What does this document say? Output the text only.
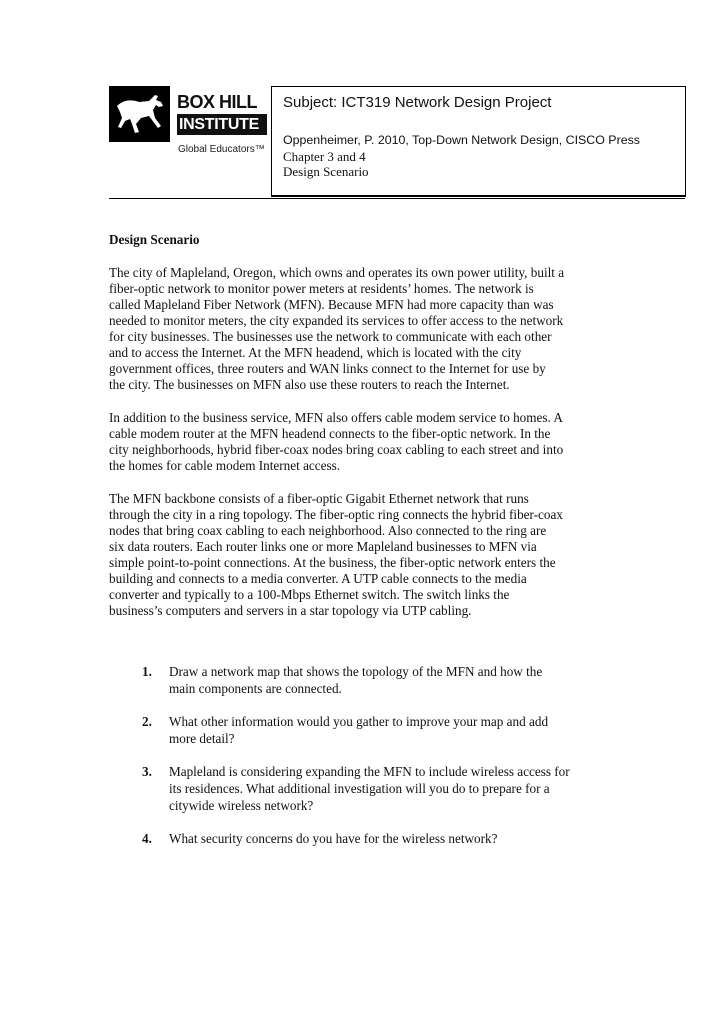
BOX HILL
INSTITUTE
Global Educators™
Subject: ICT319 Network Design Project
Oppenheimer, P. 2010, Top-Down Network Design, CISCO Press
Chapter 3 and 4
Design Scenario
Design Scenario
The city of Mapleland, Oregon, which owns and operates its own power utility, built a
fiber-optic network to monitor power meters at residents’ homes. The network is
called Mapleland Fiber Network (MFN). Because MFN had more capacity than was
needed to monitor meters, the city expanded its services to offer access to the network
for city businesses. The businesses use the network to communicate with each other
and to access the Internet. At the MFN headend, which is located with the city
government offices, three routers and WAN links connect to the Internet for use by
the city. The businesses on MFN also use these routers to reach the Internet.
In addition to the business service, MFN also offers cable modem service to homes. A
cable modem router at the MFN headend connects to the fiber-optic network. In the
city neighborhoods, hybrid fiber-coax nodes bring coax cabling to each street and into
the homes for cable modem Internet access.
The MFN backbone consists of a fiber-optic Gigabit Ethernet network that runs
through the city in a ring topology. The fiber-optic ring connects the hybrid fiber-coax
nodes that bring coax cabling to each neighborhood. Also connected to the ring are
six data routers. Each router links one or more Mapleland businesses to MFN via
simple point-to-point connections. At the business, the fiber-optic network enters the
building and connects to a media converter. A UTP cable connects to the media
converter and typically to a 100-Mbps Ethernet switch. The switch links the
business’s computers and servers in a star topology via UTP cabling.
1. Draw a network map that shows the topology of the MFN and how the
main components are connected.
2. What other information would you gather to improve your map and add
more detail?
3. Mapleland is considering expanding the MFN to include wireless access for
its residences. What additional investigation will you do to prepare for a
citywide wireless network?
4. What security concerns do you have for the wireless network?
